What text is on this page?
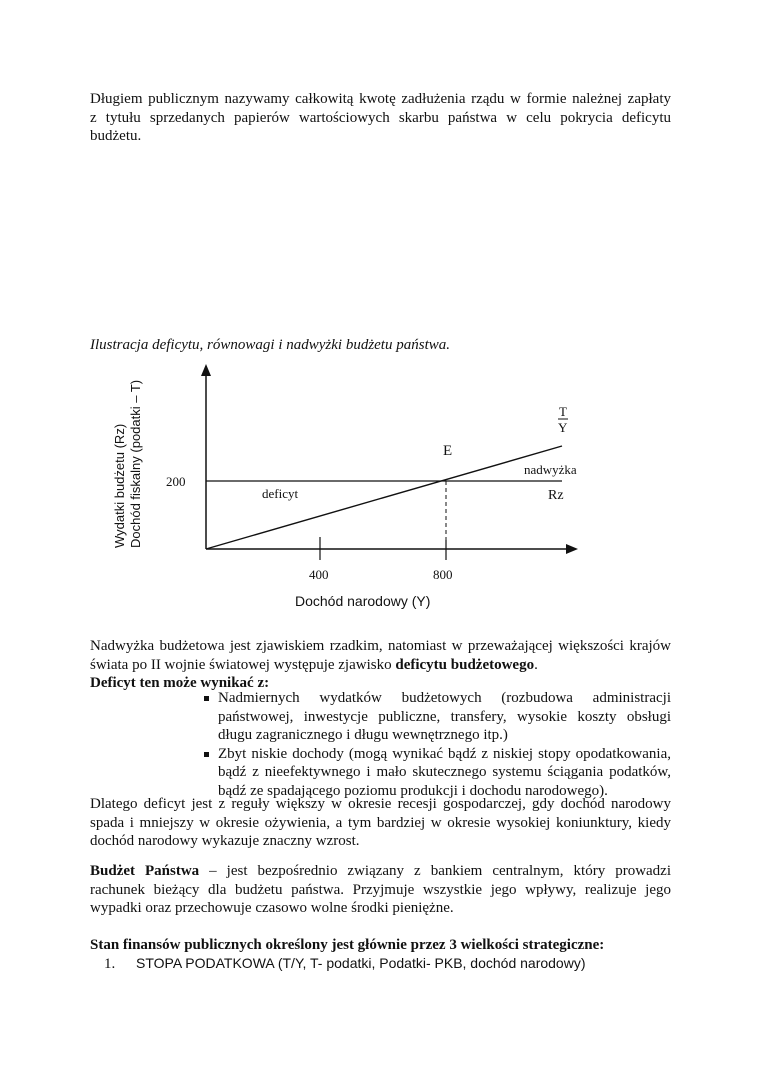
Długiem publicznym nazywamy całkowitą kwotę zadłużenia rządu w formie należnej zapłaty
z tytułu sprzedanych papierów wartościowych skarbu państwa w celu pokrycia deficytu
budżetu.
Ilustracja deficytu, równowagi i nadwyżki budżetu państwa.
Wydatki budżetu (Rz) Dochód fiskalny (podatki – T) 200
400	800
Dochód narodowy (Y)
E
deficyt
nadwyżka
Rz
T
Y
Nadwyżka budżetowa jest zjawiskiem rzadkim, natomiast w przeważającej większości krajów
świata po II wojnie światowej występuje zjawisko deficytu budżetowego.
Deficyt ten może wynikać z:
Nadmiernych wydatków budżetowych (rozbudowa administracji
państwowej, inwestycje publiczne, transfery, wysokie koszty obsługi
długu zagranicznego i długu wewnętrznego itp.)
Zbyt niskie dochody (mogą wynikać bądź z niskiej stopy opodatkowania,
bądź z nieefektywnego i mało skutecznego systemu ściągania podatków,
bądź ze spadającego poziomu produkcji i dochodu narodowego).
Dlatego deficyt jest z reguły większy w okresie recesji gospodarczej, gdy dochód narodowy
spada i mniejszy w okresie ożywienia, a tym bardziej w okresie wysokiej koniunktury, kiedy
dochód narodowy wykazuje znaczny wzrost.
Budżet Państwa – jest bezpośrednio związany z bankiem centralnym, który prowadzi
rachunek bieżący dla budżetu państwa. Przyjmuje wszystkie jego wpływy, realizuje jego
wypadki oraz przechowuje czasowo wolne środki pieniężne.
Stan finansów publicznych określony jest głównie przez 3 wielkości strategiczne:
1. STOPA PODATKOWA (T/Y, T- podatki, Podatki- PKB, dochód narodowy)
